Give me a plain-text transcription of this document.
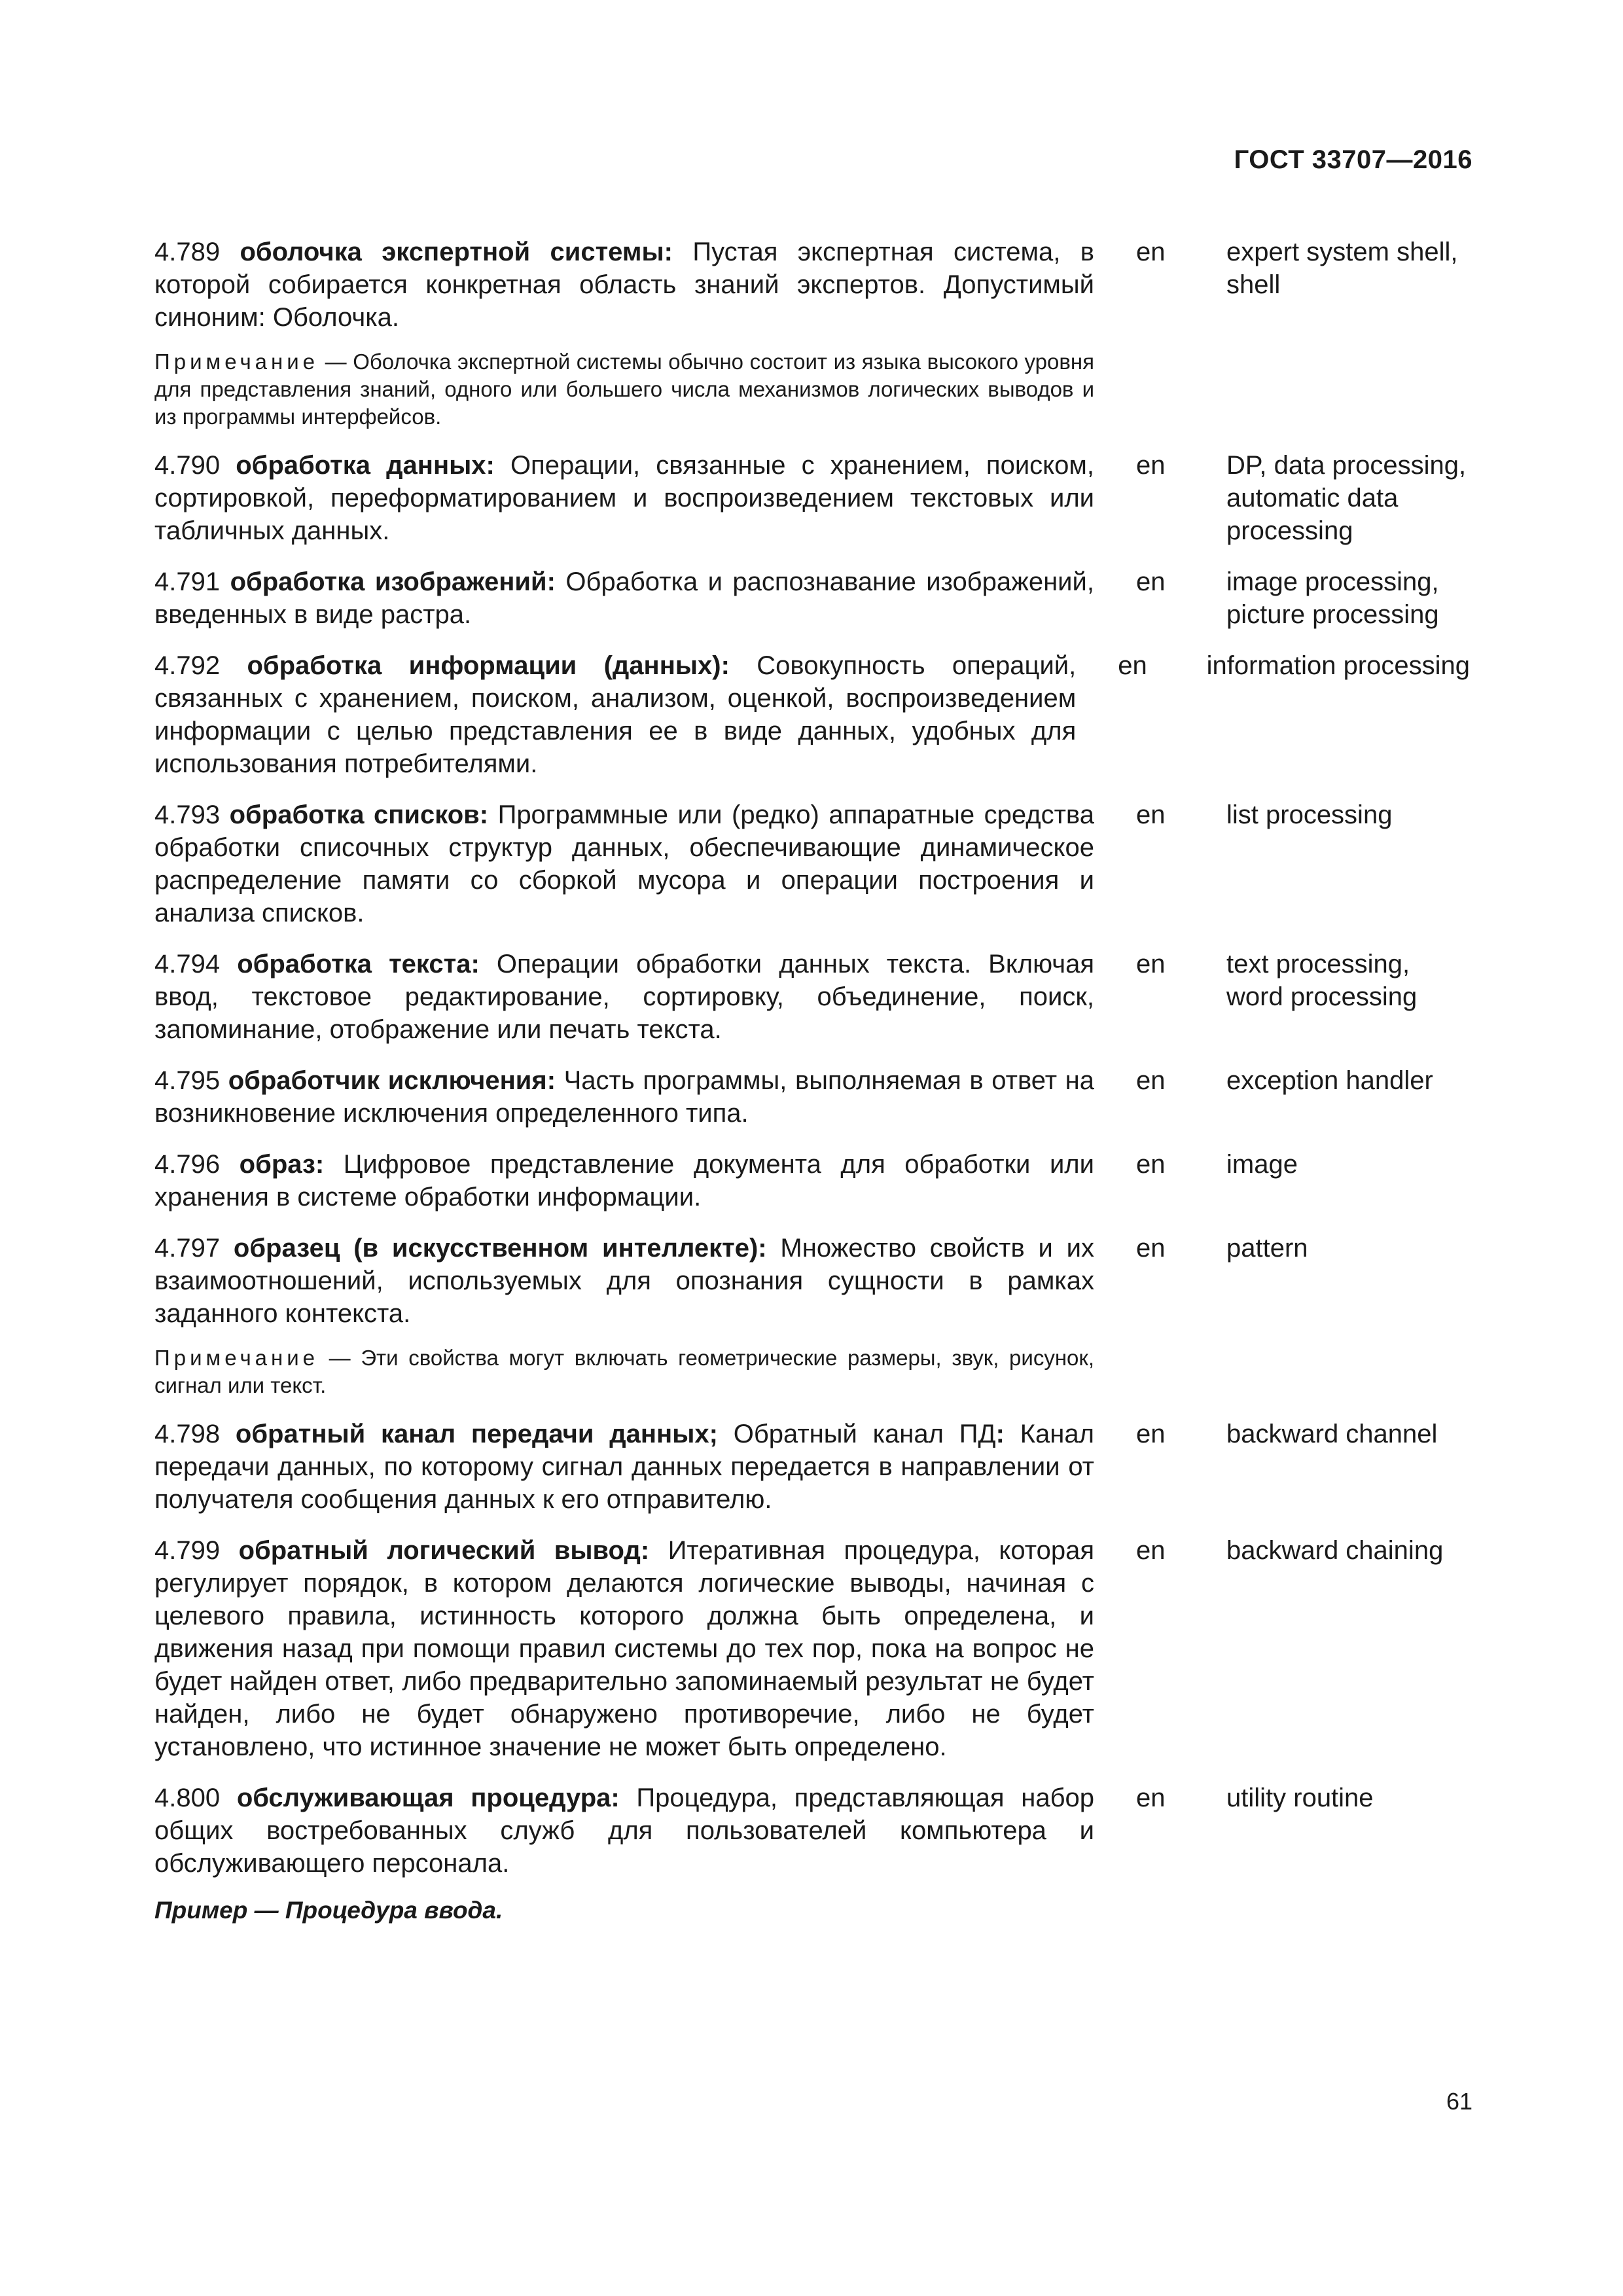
ГОСТ 33707—2016
4.789 оболочка экспертной системы: Пустая экспертная система, в которой собирается конкретная область знаний экспертов. Допустимый синоним: Оболочка.
en	expert system shell,
shell
Примечание — Оболочка экспертной системы обычно состоит из языка высокого уровня для представления знаний, одного или большего числа механизмов логических выводов и из программы интерфейсов.
4.790 обработка данных: Операции, связанные с хранением, поиском, сортировкой, переформатированием и воспроизведением текстовых или табличных данных.
en	DP, data processing,
automatic data
processing
4.791 обработка изображений: Обработка и распознавание изображений, введенных в виде растра.
en	image processing,
picture processing
4.792 обработка информации (данных): Совокупность операций, связанных с хранением, поиском, анализом, оценкой, воспроизведением информации с целью представления ее в виде данных, удобных для использования потребителями.
en	information processing
4.793 обработка списков: Программные или (редко) аппаратные средства обработки списочных структур данных, обеспечивающие динамическое распределение памяти со сборкой мусора и операции построения и анализа списков.
en	list processing
4.794 обработка текста: Операции обработки данных текста. Включая ввод, текстовое редактирование, сортировку, объединение, поиск, запоминание, отображение или печать текста.
en	text processing,
word processing
4.795 обработчик исключения: Часть программы, выполняемая в ответ на возникновение исключения определенного типа.
en	exception handler
4.796 образ: Цифровое представление документа для обработки или хранения в системе обработки информации.
en	image
4.797 образец (в искусственном интеллекте): Множество свойств и их взаимоотношений, используемых для опознания сущности в рамках заданного контекста.
en	pattern
Примечание — Эти свойства могут включать геометрические размеры, звук, рисунок, сигнал или текст.
4.798 обратный канал передачи данных; Обратный канал ПД: Канал передачи данных, по которому сигнал данных передается в направлении от получателя сообщения данных к его отправителю.
en	backward channel
4.799 обратный логический вывод: Итеративная процедура, которая регулирует порядок, в котором делаются логические выводы, начиная с целевого правила, истинность которого должна быть определена, и движения назад при помощи правил системы до тех пор, пока на вопрос не будет найден ответ, либо предварительно запоминаемый результат не будет найден, либо не будет обнаружено противоречие, либо не будет установлено, что истинное значение не может быть определено.
en	backward chaining
4.800 обслуживающая процедура: Процедура, представляющая набор общих востребованных служб для пользователей компьютера и обслуживающего персонала.
en	utility routine
Пример — Процедура ввода.
61
